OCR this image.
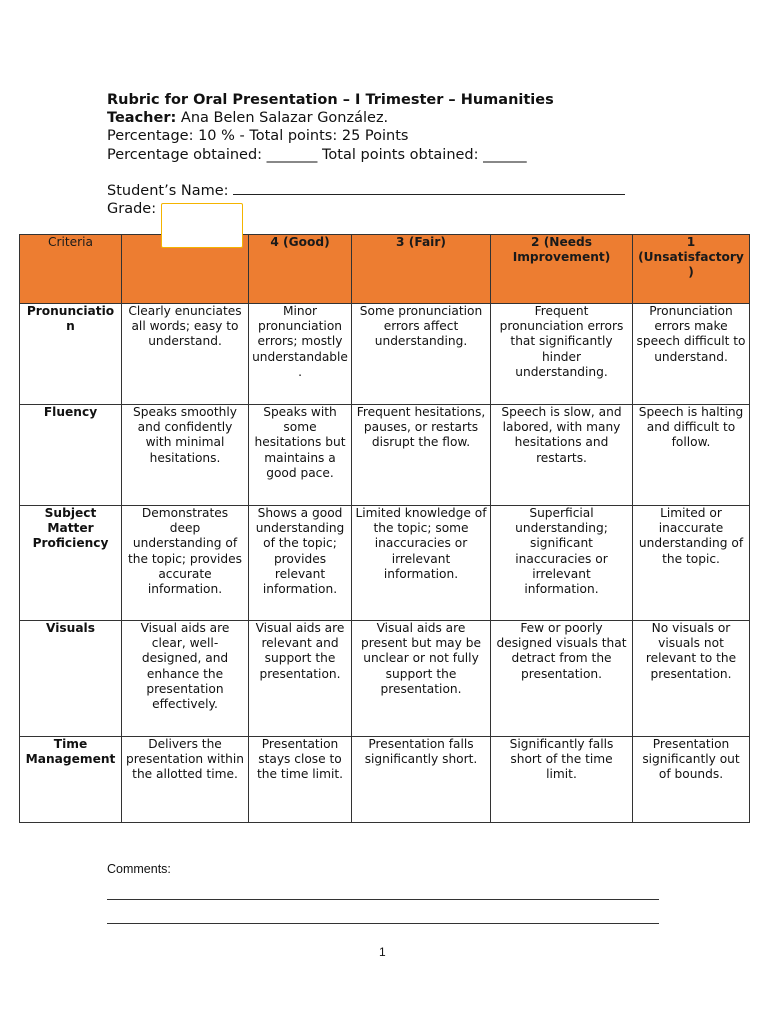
Rubric for Oral Presentation – I Trimester – Humanities
Teacher: Ana Belen Salazar González.
Percentage: 10 % - Total points: 25 Points
Percentage obtained: _______ Total points obtained: ______
Student’s Name:
Grade:
Criteria		4 (Good)	3 (Fair)	2 (Needs Improvement)	1 (Unsatisfactory)
Pronunciation	Clearly enunciates all words; easy to understand.	Minor pronunciation errors; mostly understandable.	Some pronunciation errors affect understanding.	Frequent pronunciation errors that significantly hinder understanding.	Pronunciation errors make speech difficult to understand.
Fluency	Speaks smoothly and confidently with minimal hesitations.	Speaks with some hesitations but maintains a good pace.	Frequent hesitations, pauses, or restarts disrupt the flow.	Speech is slow, and labored, with many hesitations and restarts.	Speech is halting and difficult to follow.
Subject Matter Proficiency	Demonstrates deep understanding of the topic; provides accurate information.	Shows a good understanding of the topic; provides relevant information.	Limited knowledge of the topic; some inaccuracies or irrelevant information.	Superficial understanding; significant inaccuracies or irrelevant information.	Limited or inaccurate understanding of the topic.
Visuals	Visual aids are clear, well-designed, and enhance the presentation effectively.	Visual aids are relevant and support the presentation.	Visual aids are present but may be unclear or not fully support the presentation.	Few or poorly designed visuals that detract from the presentation.	No visuals or visuals not relevant to the presentation.
Time Management	Delivers the presentation within the allotted time.	Presentation stays close to the time limit.	Presentation falls significantly short.	Significantly falls short of the time limit.	Presentation significantly out of bounds.
Comments:
1
